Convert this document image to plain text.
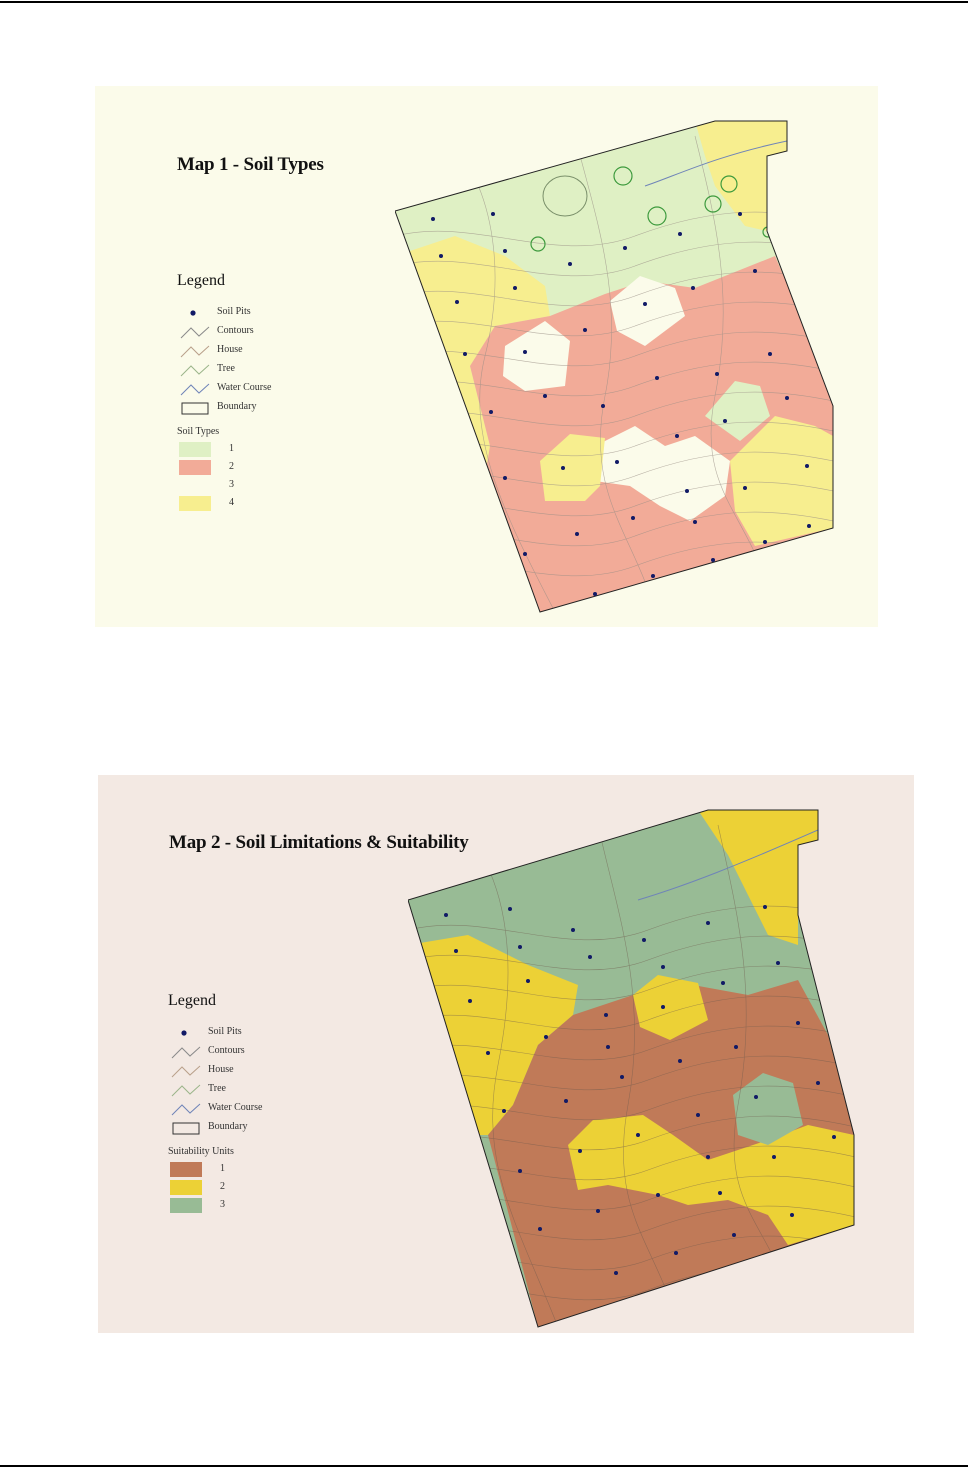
Map 1 - Soil Types
Legend
Soil Pits
Contours
House
Tree
Water Course
Boundary
Soil Types
1
2
3
4
Map 2 - Soil Limitations & Suitability
Legend
Soil Pits
Contours
House
Tree
Water Course
Boundary
Suitability Units
1
2
3
